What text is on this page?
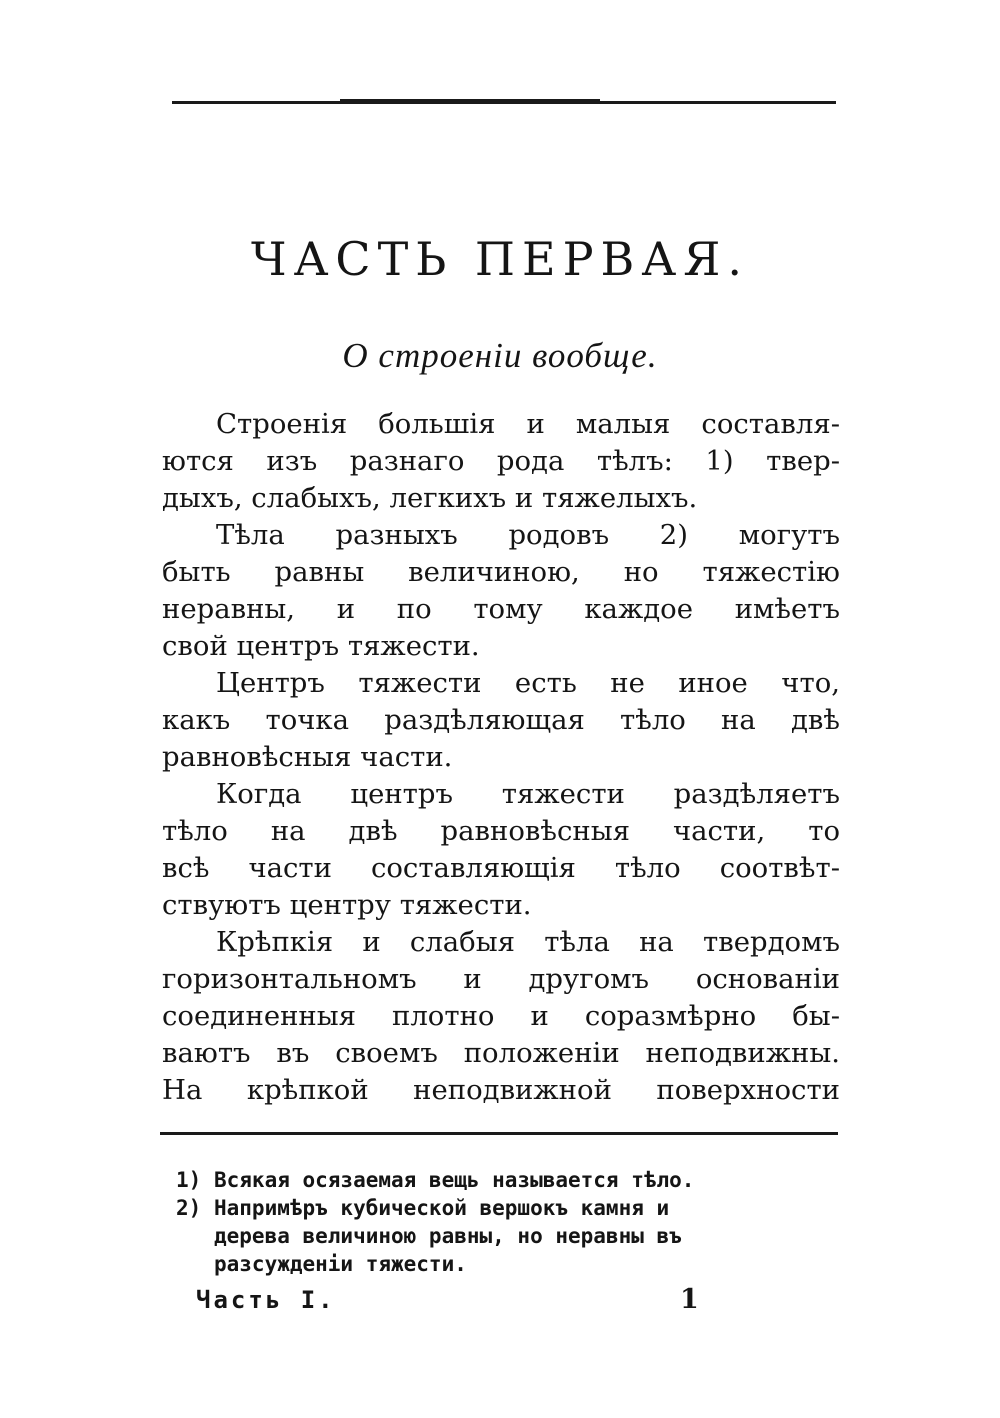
ЧАСТЬ ПЕРВАЯ.
О строенiи вообще.
Строенiя большiя и малыя составля-
ются изъ разнаго рода тѣлъ: 1) твер-
дыхъ, слабыхъ, легкихъ и тяжелыхъ.
Тѣла разныхъ родовъ 2) могутъ
быть равны величиною, но тяжестiю
неравны, и по тому каждое имѣетъ
свой центръ тяжести.
Центръ тяжести есть не иное что,
какъ точка раздѣляющая тѣло на двѣ
равновѣсныя части.
Когда центръ тяжести раздѣляетъ
тѣло на двѣ равновѣсныя части, то
всѣ части составляющiя тѣло соотвѣт-
ствуютъ центру тяжести.
Крѣпкiя и слабыя тѣла на твердомъ
горизонтальномъ и другомъ основанiи
соединенныя плотно и соразмѣрно бы-
ваютъ въ своемъ положенiи неподвижны.
На крѣпкой неподвижной поверхности
1) Всякая осязаемая вещь называется тѣло.
2) Напримѣръ кубической вершокъ камня и
дерева величиною равны, но неравны въ
разсужденiи тяжести.
Часть I.	1
